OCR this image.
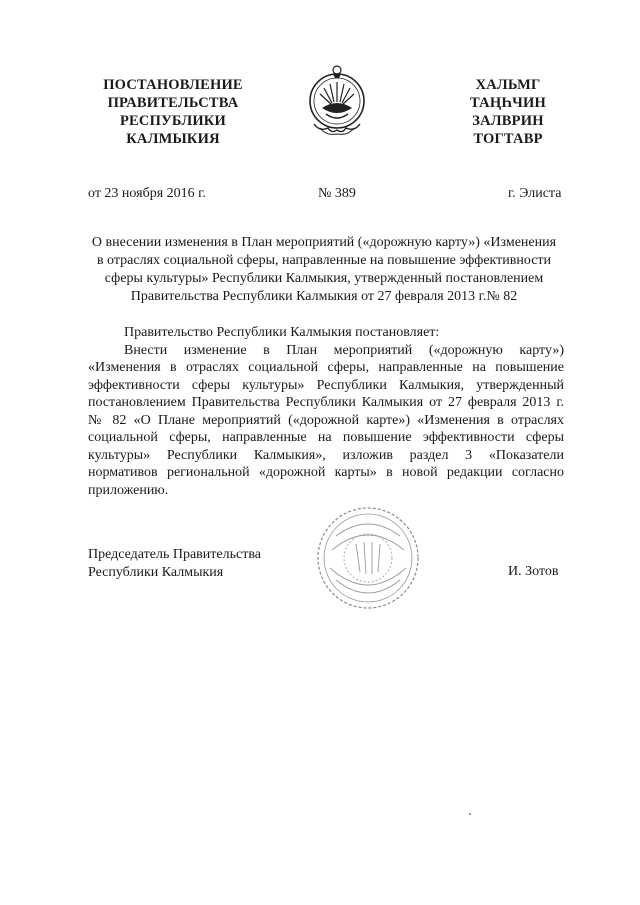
ПОСТАНОВЛЕНИЕ
ПРАВИТЕЛЬСТВА
РЕСПУБЛИКИ
КАЛМЫКИЯ
ХАЛЬМГ
ТАҢҺЧИН
ЗАЛВРИН
ТОГТАВР
от 23 ноября 2016 г.	№ 389	г. Элиста
О внесении изменения в План мероприятий («дорожную карту») «Изменения
в отраслях социальной сферы, направленные на повышение эффективности
сферы культуры» Республики Калмыкия, утвержденный постановлением
Правительства Республики Калмыкия от 27 февраля 2013 г.№ 82
Правительство Республики Калмыкия постановляет:
Внести изменение в План мероприятий («дорожную карту»)
«Изменения в отраслях социальной сферы, направленные на повышение
эффективности сферы культуры» Республики Калмыкия, утвержденный
постановлением Правительства Республики Калмыкия от 27 февраля 2013 г.
№ 82 «О Плане мероприятий («дорожной карте») «Изменения в отраслях
социальной сферы, направленные на повышение эффективности сферы
культуры» Республики Калмыкия», изложив раздел 3 «Показатели
нормативов региональной «дорожной карты» в новой редакции согласно
приложению.
Председатель Правительства
Республики Калмыкия	И. Зотов
